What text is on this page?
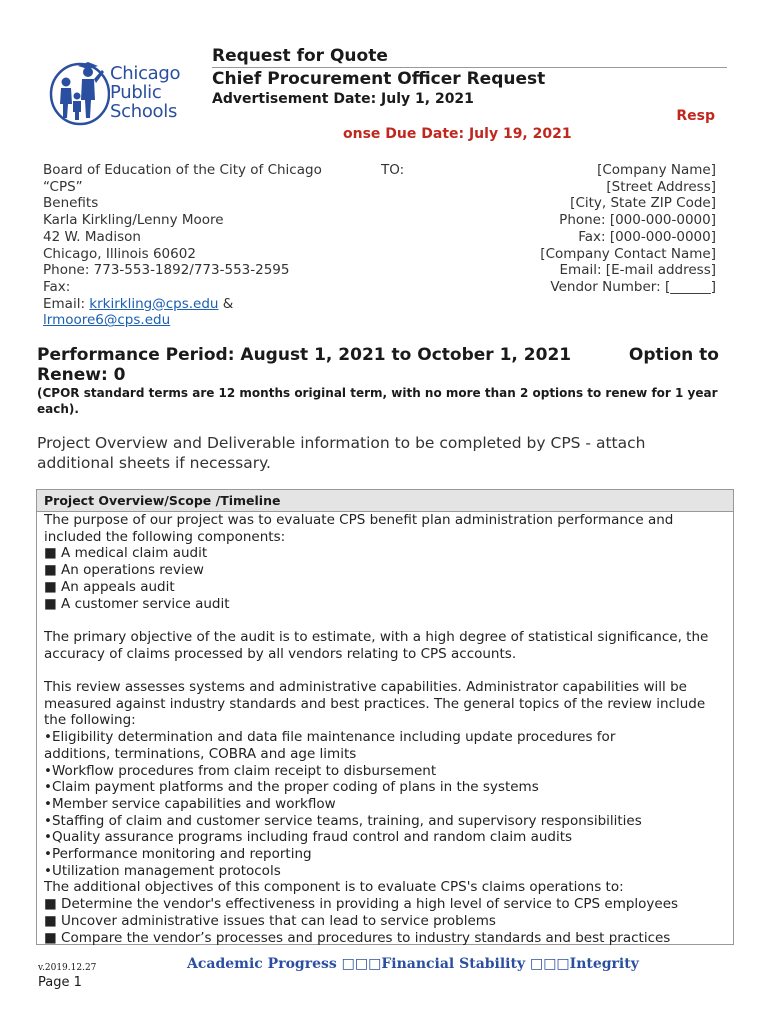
Chicago
Public
Schools
Request for Quote
Chief Procurement Officer Request
Advertisement Date: July 1, 2021
Resp
onse Due Date: July 19, 2021
Board of Education of the City of Chicago
“CPS”
Benefits
Karla Kirkling/Lenny Moore
42 W. Madison
Chicago, Illinois 60602
Phone: 773-553-1892/773-553-2595
Fax:
Email: krkirkling@cps.edu &
lrmoore6@cps.edu
TO:	[Company Name]
[Street Address]
[City, State ZIP Code]
Phone: [000-000-0000]
Fax: [000-000-0000]
[Company Contact Name]
Email: [E-mail address]
Vendor Number: [______]
Performance Period: August 1, 2021 to October 1, 2021	Option to
Renew: 0
(CPOR standard terms are 12 months original term, with no more than 2 options to renew for 1 year each).
Project Overview and Deliverable information to be completed by CPS - attach additional sheets if necessary.
Project Overview/Scope /Timeline

The purpose of our project was to evaluate CPS benefit plan administration performance and included the following components:

■ A medical claim audit

■ An operations review

■ An appeals audit

■ A customer service audit

The primary objective of the audit is to estimate, with a high degree of statistical significance, the accuracy of claims processed by all vendors relating to CPS accounts.

This review assesses systems and administrative capabilities. Administrator capabilities will be measured against industry standards and best practices. The general topics of the review include the following:

•Eligibility determination and data file maintenance including update procedures for

additions, terminations, COBRA and age limits

•Workflow procedures from claim receipt to disbursement

•Claim payment platforms and the proper coding of plans in the systems

•Member service capabilities and workflow

•Staffing of claim and customer service teams, training, and supervisory responsibilities

•Quality assurance programs including fraud control and random claim audits

•Performance monitoring and reporting

•Utilization management protocols

The additional objectives of this component is to evaluate CPS's claims operations to:

■ Determine the vendor's effectiveness in providing a high level of service to CPS employees

■ Uncover administrative issues that can lead to service problems

■ Compare the vendor’s processes and procedures to industry standards and best practices

v.2019.12.27
Page 1
Academic Progress □□□Financial Stability □□□Integrity
